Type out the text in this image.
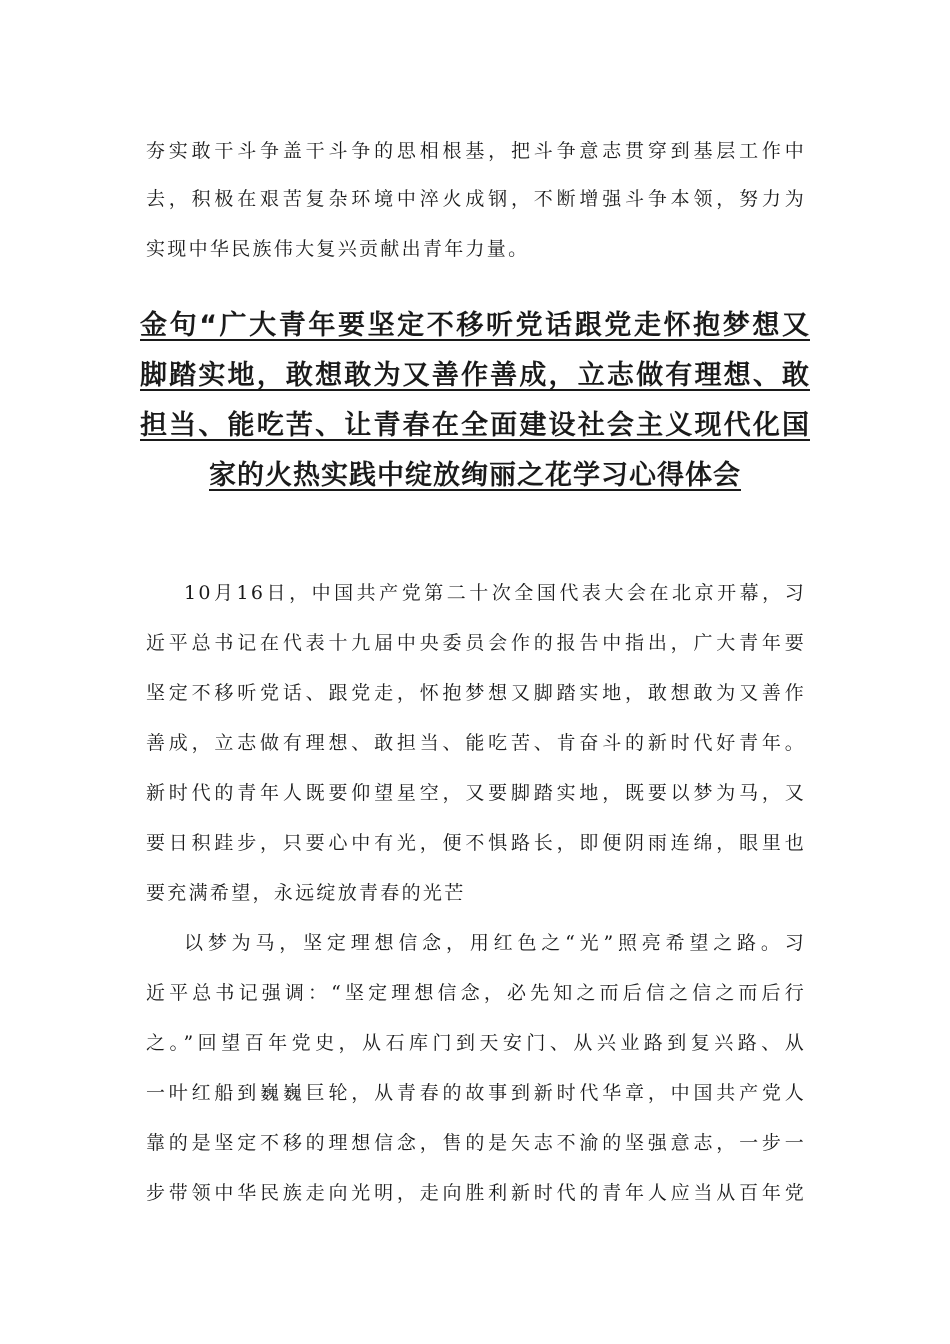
夯实敢干斗争盖干斗争的思相根基，把斗争意志贯穿到基层工作中
去，积极在艰苦复杂环境中淬火成钢，不断增强斗争本领，努力为
实现中华民族伟大复兴贡献出青年力量。
金句“广大青年要坚定不移听党话跟党走怀抱梦想又
脚踏实地，敢想敢为又善作善成，立志做有理想、敢
担当、能吃苦、让青春在全面建设社会主义现代化国
家的火热实践中绽放绚丽之花学习心得体会
10月16日，中国共产党第二十次全国代表大会在北京开幕，习
近平总书记在代表十九届中央委员会作的报告中指出，广大青年要
坚定不移听党话、跟党走，怀抱梦想又脚踏实地，敢想敢为又善作
善成，立志做有理想、敢担当、能吃苦、肯奋斗的新时代好青年。
新时代的青年人既要仰望星空，又要脚踏实地，既要以梦为马，又
要日积跬步，只要心中有光，便不惧路长，即便阴雨连绵，眼里也
要充满希望，永远绽放青春的光芒
以梦为马，坚定理想信念，用红色之“光”照亮希望之路。习
近平总书记强调：“坚定理想信念，必先知之而后信之信之而后行
之。”回望百年党史，从石库门到天安门、从兴业路到复兴路、从
一叶红船到巍巍巨轮，从青春的故事到新时代华章，中国共产党人
靠的是坚定不移的理想信念，售的是矢志不渝的坚强意志，一步一
步带领中华民族走向光明，走向胜利新时代的青年人应当从百年党
